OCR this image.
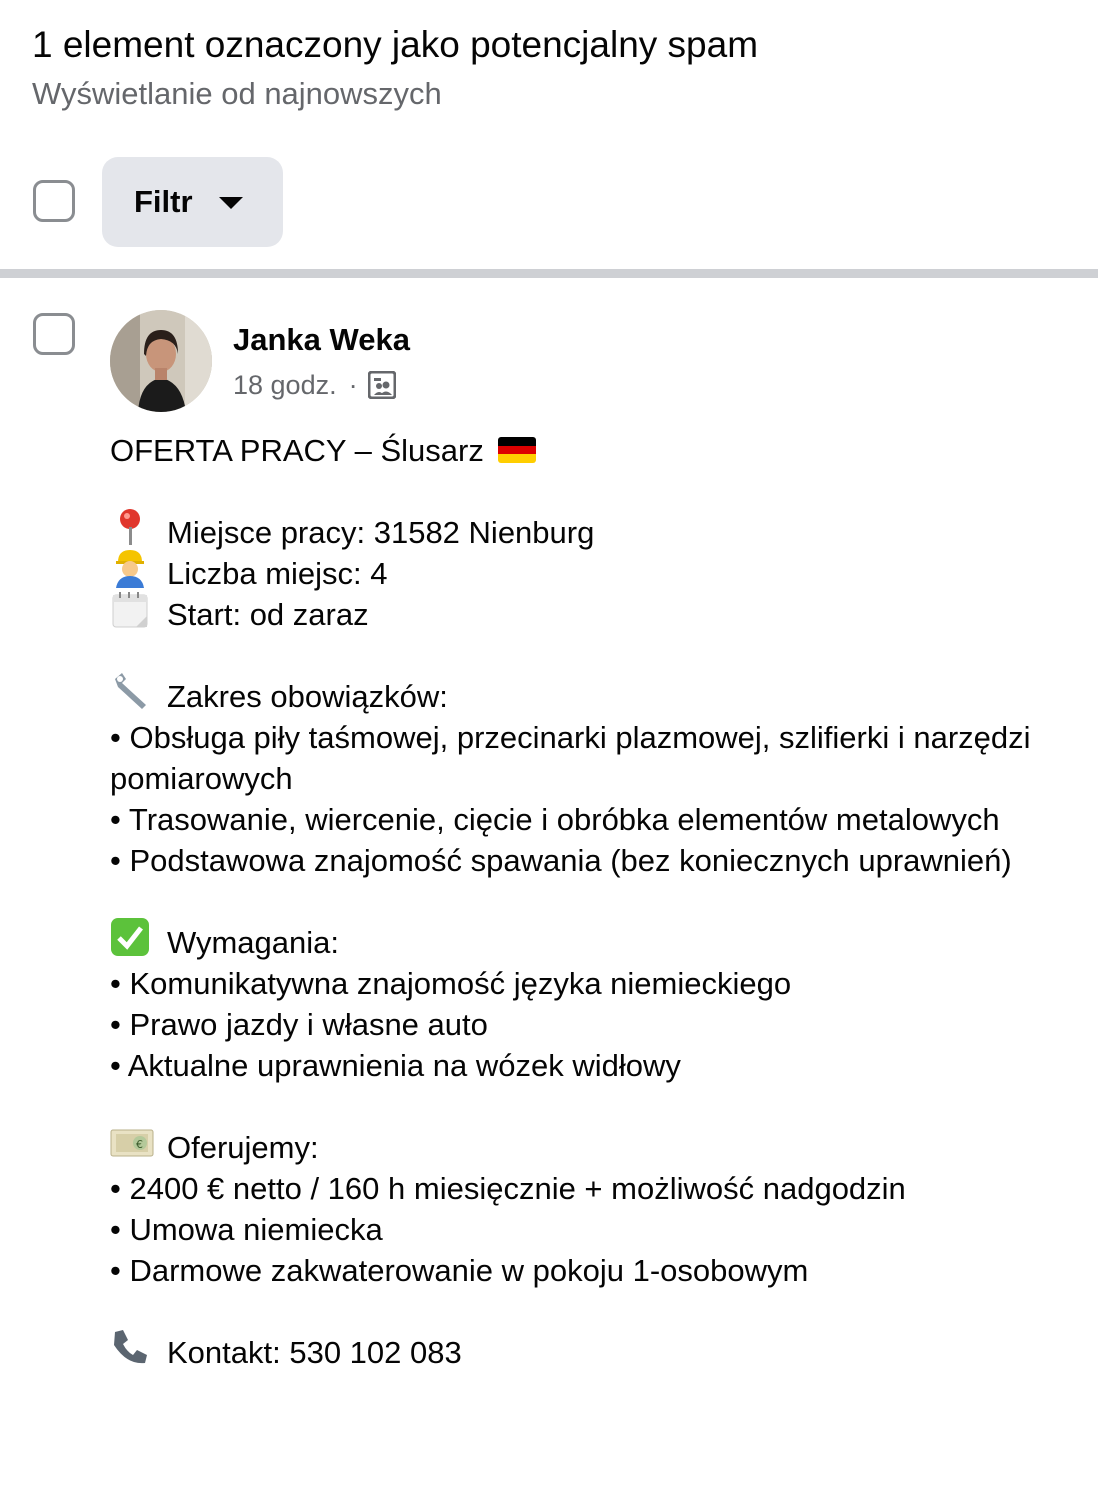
1 element oznaczony jako potencjalny spam
Wyświetlanie od najnowszych
Filtr
Janka Weka
18 godz. ·

OFERTA PRACY – Ślusarz

Miejsce pracy: 31582 Nienburg

Liczba miejsc: 4

Start: od zaraz

Zakres obowiązków:

• Obsługa piły taśmowej, przecinarki plazmowej, szlifierki i narzędzi pomiarowych

• Trasowanie, wiercenie, cięcie i obróbka elementów metalowych

• Podstawowa znajomość spawania (bez koniecznych uprawnień)

Wymagania:

• Komunikatywna znajomość języka niemieckiego

• Prawo jazdy i własne auto

• Aktualne uprawnienia na wózek widłowy

€ Oferujemy:

• 2400 € netto / 160 h miesięcznie + możliwość nadgodzin

• Umowa niemiecka

• Darmowe zakwaterowanie w pokoju 1-osobowym

Kontakt: 530 102 083
